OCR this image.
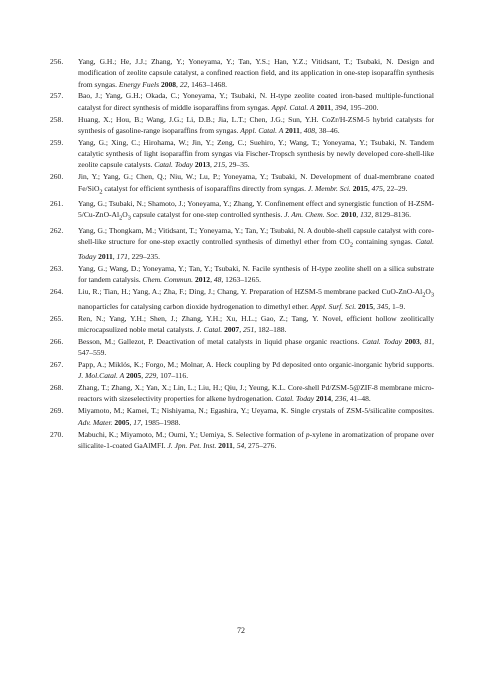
256. Yang, G.H.; He, J.J.; Zhang, Y.; Yoneyama, Y.; Tan, Y.S.; Han, Y.Z.; Vitidsant, T.; Tsubaki, N. Design and modification of zeolite capsule catalyst, a confined reaction field, and its application in one-step isoparaffin synthesis from syngas. Energy Fuels 2008, 22, 1463–1468.
257. Bao, J.; Yang, G.H.; Okada, C.; Yoneyama, Y.; Tsubaki, N. H-type zeolite coated iron-based multiple-functional catalyst for direct synthesis of middle isoparaffins from syngas. Appl. Catal. A 2011, 394, 195–200.
258. Huang, X.; Hou, B.; Wang, J.G.; Li, D.B.; Jia, L.T.; Chen, J.G.; Sun, Y.H. CoZr/H-ZSM-5 hybrid catalysts for synthesis of gasoline-range isoparaffins from syngas. Appl. Catal. A 2011, 408, 38–46.
259. Yang, G.; Xing, C.; Hirohama, W.; Jin, Y.; Zeng, C.; Suehiro, Y.; Wang, T.; Yoneyama, Y.; Tsubaki, N. Tandem catalytic synthesis of light isoparaffin from syngas via Fischer-Tropsch synthesis by newly developed core-shell-like zeolite capsule catalysts. Catal. Today 2013, 215, 29–35.
260. Jin, Y.; Yang, G.; Chen, Q.; Niu, W.; Lu, P.; Yoneyama, Y.; Tsubaki, N. Development of dual-membrane coated Fe/SiO$_2$ catalyst for efficient synthesis of isoparaffins directly from syngas. J. Membr. Sci. 2015, 475, 22–29.
261. Yang, G.; Tsubaki, N.; Shamoto, J.; Yoneyama, Y.; Zhang, Y. Confinement effect and synergistic function of $H-ZSM-5/Cu-ZnO-Al_2O_3$ capsule catalyst for one-step controlled synthesis. J. Am. Chem. Soc. 2010, 132, 8129–8136.
262. Yang, G.; Thongkam, M.; Vitidsant, T.; Yoneyama, Y.; Tan, Y.; Tsubaki, N. A double-shell capsule catalyst with core-shell-like structure for one-step exactly controlled synthesis of dimethyl ether from $CO_2$ containing syngas. Catal. Today 2011, 171, 229–235.
263. Yang, G.; Wang, D.; Yoneyama, Y.; Tan, Y.; Tsubaki, N. Facile synthesis of H-type zeolite shell on a silica substrate for tandem catalysis. Chem. Commun. 2012, 48, 1263–1265.
264. Liu, R.; Tian, H.; Yang, A.; Zha, F.; Ding, J.; Chang, Y. Preparation of HZSM-5 membrane packed CuO-$ZnO-Al_2O_3$ nanoparticles for catalysing carbon dioxide hydrogenation to dimethyl ether. Appl. Surf. Sci. 2015, 345, 1–9.
265. Ren, N.; Yang, Y.H.; Shen, J.; Zhang, Y.H.; Xu, H.L.; Gao, Z.; Tang, Y. Novel, efficient hollow zeolitically microcapsulized noble metal catalysts. J. Catal. 2007, 251, 182–188.
266. Besson, M.; Gallezot, P. Deactivation of metal catalysts in liquid phase organic reactions. Catal. Today 2003, 81, 547–559.
267. Papp, A.; Miklós, K.; Forgo, M.; Molnar, A. Heck coupling by Pd deposited onto organic-inorganic hybrid supports. J. Mol.Catal. A 2005, 229, 107–116.
268. Zhang, T.; Zhang, X.; Yan, X.; Lin, L.; Liu, H.; Qiu, J.; Yeung, K.L. Core-shell Pd/ZSM-5@ZIF-8 membrane micro-reactors with sizeselectivity properties for alkene hydrogenation. Catal. Today 2014, 236, 41–48.
269. Miyamoto, M.; Kamei, T.; Nishiyama, N.; Egashira, Y.; Ueyama, K. Single crystals of ZSM-5/silicalite composites. Adv. Mater. 2005, 17, 1985–1988.
270. Mabuchi, K.; Miyamoto, M.; Oumi, Y.; Uemiya, S. Selective formation of p-xylene in aromatization of propane over silicalite-1-coated GaAlMFI. J. Jpn. Pet. Inst. 2011, 54, 275–276.
72
